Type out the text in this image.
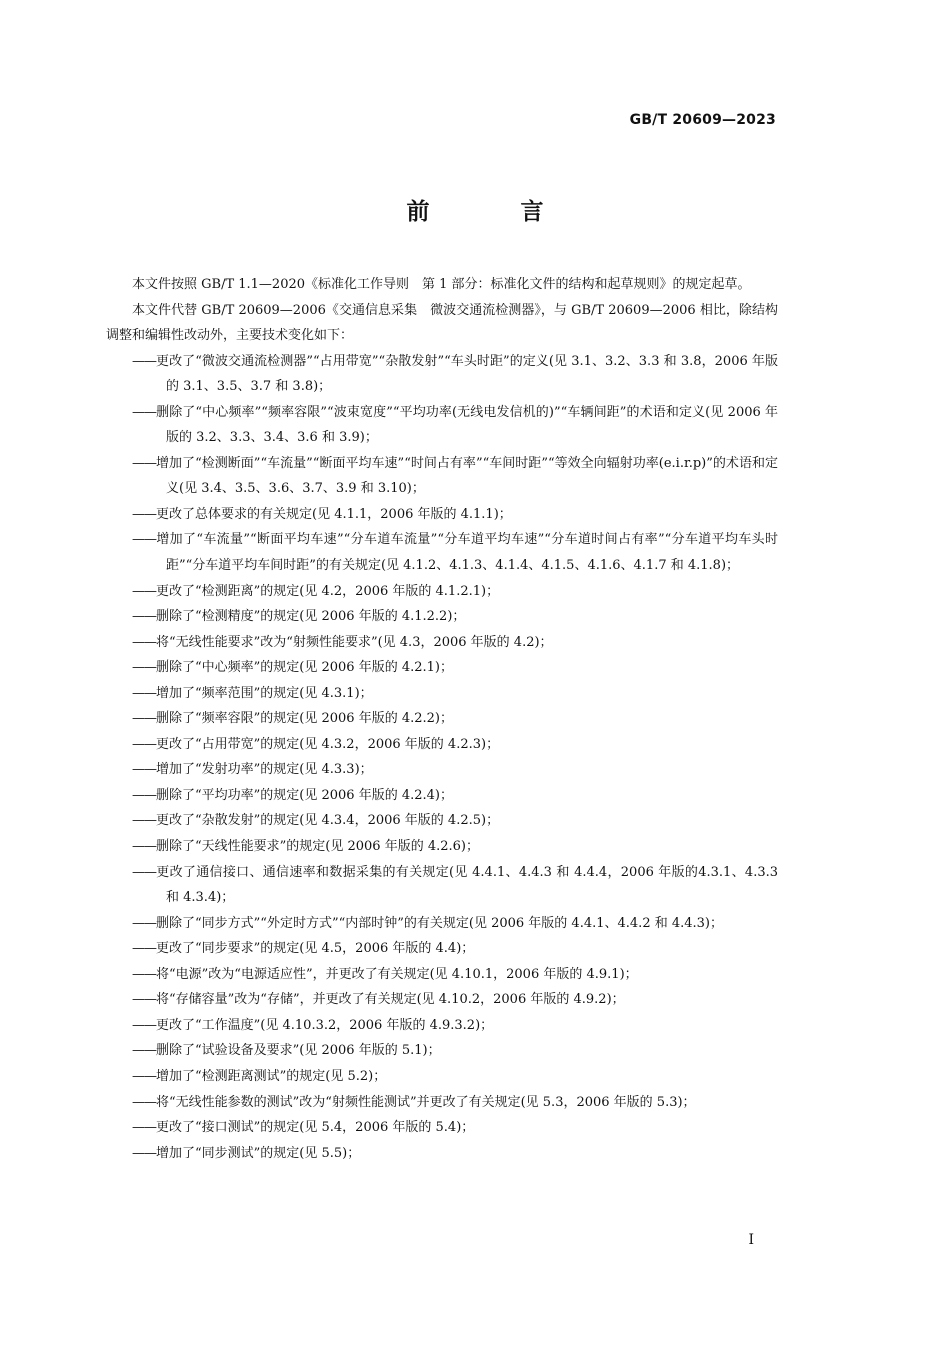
GB/T 20609—2023
前　言

本文件按照 GB/T 1.1—2020《标准化工作导则　第 1 部分：标准化文件的结构和起草规则》的规定起草。

本文件代替 GB/T 20609—2006《交通信息采集　微波交通流检测器》，与 GB/T 20609—2006 相比，除结构调整和编辑性改动外，主要技术变化如下：

——更改了“微波交通流检测器”“占用带宽”“杂散发射”“车头时距”的定义(见 3.1、3.2、3.3 和 3.8，2006 年版的 3.1、3.5、3.7 和 3.8)；
——删除了“中心频率”“频率容限”“波束宽度”“平均功率(无线电发信机的)”“车辆间距”的术语和定义(见 2006 年版的 3.2、3.3、3.4、3.6 和 3.9)；
——增加了“检测断面”“车流量”“断面平均车速”“时间占有率”“车间时距”“等效全向辐射功率(e.i.r.p)”的术语和定义(见 3.4、3.5、3.6、3.7、3.9 和 3.10)；
——更改了总体要求的有关规定(见 4.1.1，2006 年版的 4.1.1)；
——增加了“车流量”“断面平均车速”“分车道车流量”“分车道平均车速”“分车道时间占有率”“分车道平均车头时距”“分车道平均车间时距”的有关规定(见 4.1.2、4.1.3、4.1.4、4.1.5、4.1.6、4.1.7 和 4.1.8)；
——更改了“检测距离”的规定(见 4.2，2006 年版的 4.1.2.1)；
——删除了“检测精度”的规定(见 2006 年版的 4.1.2.2)；
——将“无线性能要求”改为“射频性能要求”(见 4.3，2006 年版的 4.2)；
——删除了“中心频率”的规定(见 2006 年版的 4.2.1)；
——增加了“频率范围”的规定(见 4.3.1)；
——删除了“频率容限”的规定(见 2006 年版的 4.2.2)；
——更改了“占用带宽”的规定(见 4.3.2，2006 年版的 4.2.3)；
——增加了“发射功率”的规定(见 4.3.3)；
——删除了“平均功率”的规定(见 2006 年版的 4.2.4)；
——更改了“杂散发射”的规定(见 4.3.4，2006 年版的 4.2.5)；
——删除了“天线性能要求”的规定(见 2006 年版的 4.2.6)；
——更改了通信接口、通信速率和数据采集的有关规定(见 4.4.1、4.4.3 和 4.4.4，2006 年版的4.3.1、4.3.3 和 4.3.4)；
——删除了“同步方式”“外定时方式”“内部时钟”的有关规定(见 2006 年版的 4.4.1、4.4.2 和 4.4.3)；
——更改了“同步要求”的规定(见 4.5，2006 年版的 4.4)；
——将“电源”改为“电源适应性”，并更改了有关规定(见 4.10.1，2006 年版的 4.9.1)；
——将“存储容量”改为“存储”，并更改了有关规定(见 4.10.2，2006 年版的 4.9.2)；
——更改了“工作温度”(见 4.10.3.2，2006 年版的 4.9.3.2)；
——删除了“试验设备及要求”(见 2006 年版的 5.1)；
——增加了“检测距离测试”的规定(见 5.2)；
——将“无线性能参数的测试”改为“射频性能测试”并更改了有关规定(见 5.3，2006 年版的 5.3)；
——更改了“接口测试”的规定(见 5.4，2006 年版的 5.4)；
——增加了“同步测试”的规定(见 5.5)；
I
